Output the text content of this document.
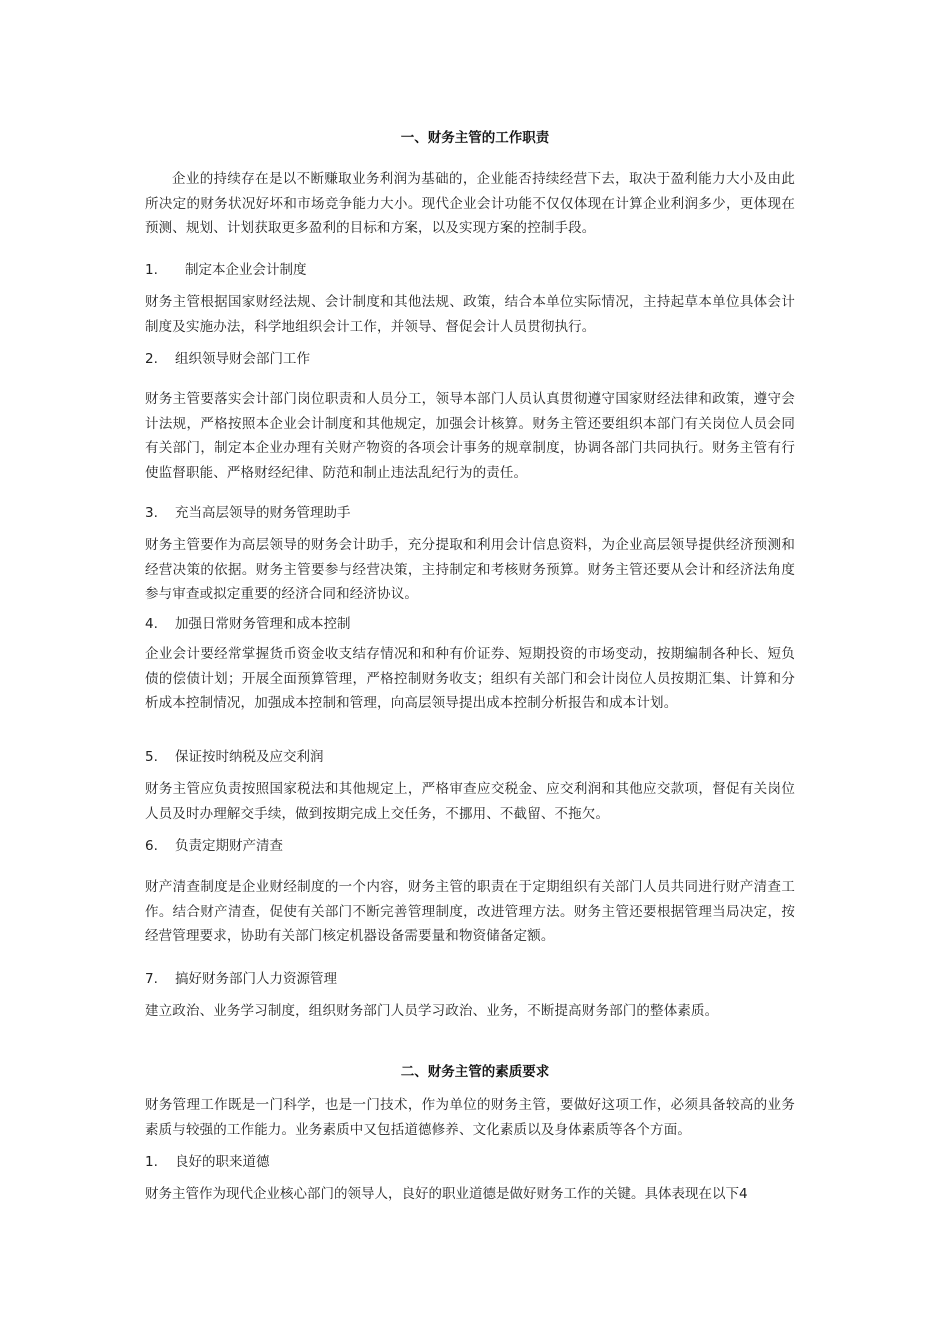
一、财务主管的工作职责

企业的持续存在是以不断赚取业务利润为基础的，企业能否持续经营下去，取决于盈利能力大小及由此所决定的财务状况好坏和市场竞争能力大小。现代企业会计功能不仅仅体现在计算企业利润多少，更体现在预测、规划、计划获取更多盈利的目标和方案，以及实现方案的控制手段。

1. 制定本企业会计制度

财务主管根据国家财经法规、会计制度和其他法规、政策，结合本单位实际情况，主持起草本单位具体会计制度及实施办法，科学地组织会计工作，并领导、督促会计人员贯彻执行。

2. 组织领导财会部门工作

财务主管要落实会计部门岗位职责和人员分工，领导本部门人员认真贯彻遵守国家财经法律和政策，遵守会计法规，严格按照本企业会计制度和其他规定，加强会计核算。财务主管还要组织本部门有关岗位人员会同有关部门，制定本企业办理有关财产物资的各项会计事务的规章制度，协调各部门共同执行。财务主管有行使监督职能、严格财经纪律、防范和制止违法乱纪行为的责任。

3. 充当高层领导的财务管理助手

财务主管要作为高层领导的财务会计助手，充分提取和利用会计信息资料，为企业高层领导提供经济预测和经营决策的依据。财务主管要参与经营决策，主持制定和考核财务预算。财务主管还要从会计和经济法角度参与审查或拟定重要的经济合同和经济协议。

4. 加强日常财务管理和成本控制

企业会计要经常掌握货币资金收支结存情况和和种有价证券、短期投资的市场变动，按期编制各种长、短负债的偿债计划；开展全面预算管理，严格控制财务收支；组织有关部门和会计岗位人员按期汇集、计算和分析成本控制情况，加强成本控制和管理，向高层领导提出成本控制分析报告和成本计划。

5. 保证按时纳税及应交利润

财务主管应负责按照国家税法和其他规定上，严格审查应交税金、应交利润和其他应交款项，督促有关岗位人员及时办理解交手续，做到按期完成上交任务，不挪用、不截留、不拖欠。

6. 负责定期财产清查

财产清查制度是企业财经制度的一个内容，财务主管的职责在于定期组织有关部门人员共同进行财产清查工作。结合财产清查，促使有关部门不断完善管理制度，改进管理方法。财务主管还要根据管理当局决定，按经营管理要求，协助有关部门核定机器设备需要量和物资储备定额。

7. 搞好财务部门人力资源管理

建立政治、业务学习制度，组织财务部门人员学习政治、业务，不断提高财务部门的整体素质。

二、财务主管的素质要求

财务管理工作既是一门科学，也是一门技术，作为单位的财务主管，要做好这项工作，必须具备较高的业务素质与较强的工作能力。业务素质中又包括道德修养、文化素质以及身体素质等各个方面。

1. 良好的职来道德

财务主管作为现代企业核心部门的领导人，良好的职业道德是做好财务工作的关键。具体表现在以下4
